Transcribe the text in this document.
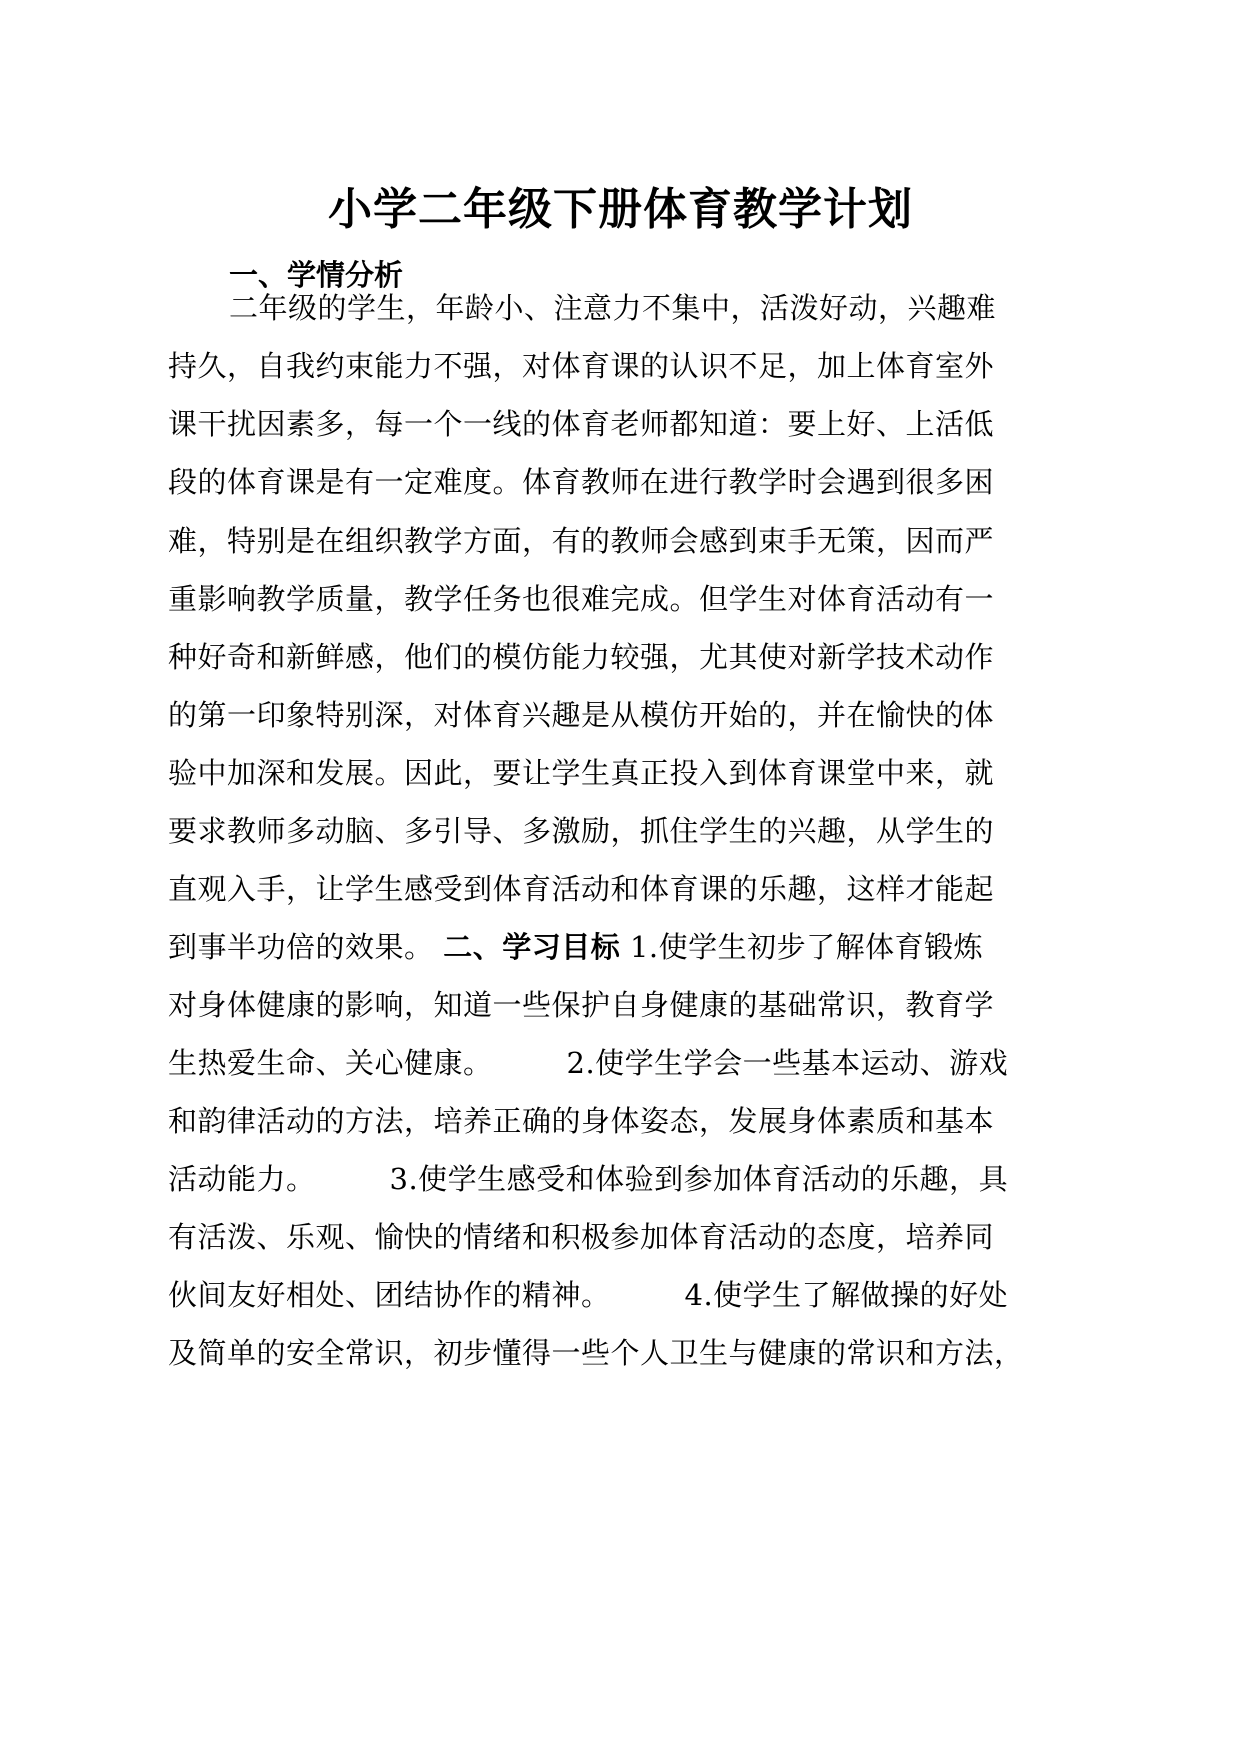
小学二年级下册体育教学计划
一、学情分析
二年级的学生，年龄小、注意力不集中，活泼好动，兴趣难
持久，自我约束能力不强，对体育课的认识不足，加上体育室外
课干扰因素多，每一个一线的体育老师都知道：要上好、上活低
段的体育课是有一定难度。体育教师在进行教学时会遇到很多困
难，特别是在组织教学方面，有的教师会感到束手无策，因而严
重影响教学质量，教学任务也很难完成。但学生对体育活动有一
种好奇和新鲜感，他们的模仿能力较强，尤其使对新学技术动作
的第一印象特别深，对体育兴趣是从模仿开始的，并在愉快的体
验中加深和发展。因此，要让学生真正投入到体育课堂中来，就
要求教师多动脑、多引导、多激励，抓住学生的兴趣，从学生的
直观入手，让学生感受到体育活动和体育课的乐趣，这样才能起
到事半功倍的效果。 二、学习目标 1.使学生初步了解体育锻炼
对身体健康的影响，知道一些保护自身健康的基础常识，教育学
生热爱生命、关心健康。　　　2.使学生学会一些基本运动、游戏
和韵律活动的方法，培养正确的身体姿态，发展身体素质和基本
活动能力。　　　3.使学生感受和体验到参加体育活动的乐趣，具
有活泼、乐观、愉快的情绪和积极参加体育活动的态度，培养同
伙间友好相处、团结协作的精神。　　　4.使学生了解做操的好处
及简单的安全常识，初步懂得一些个人卫生与健康的常识和方法，
